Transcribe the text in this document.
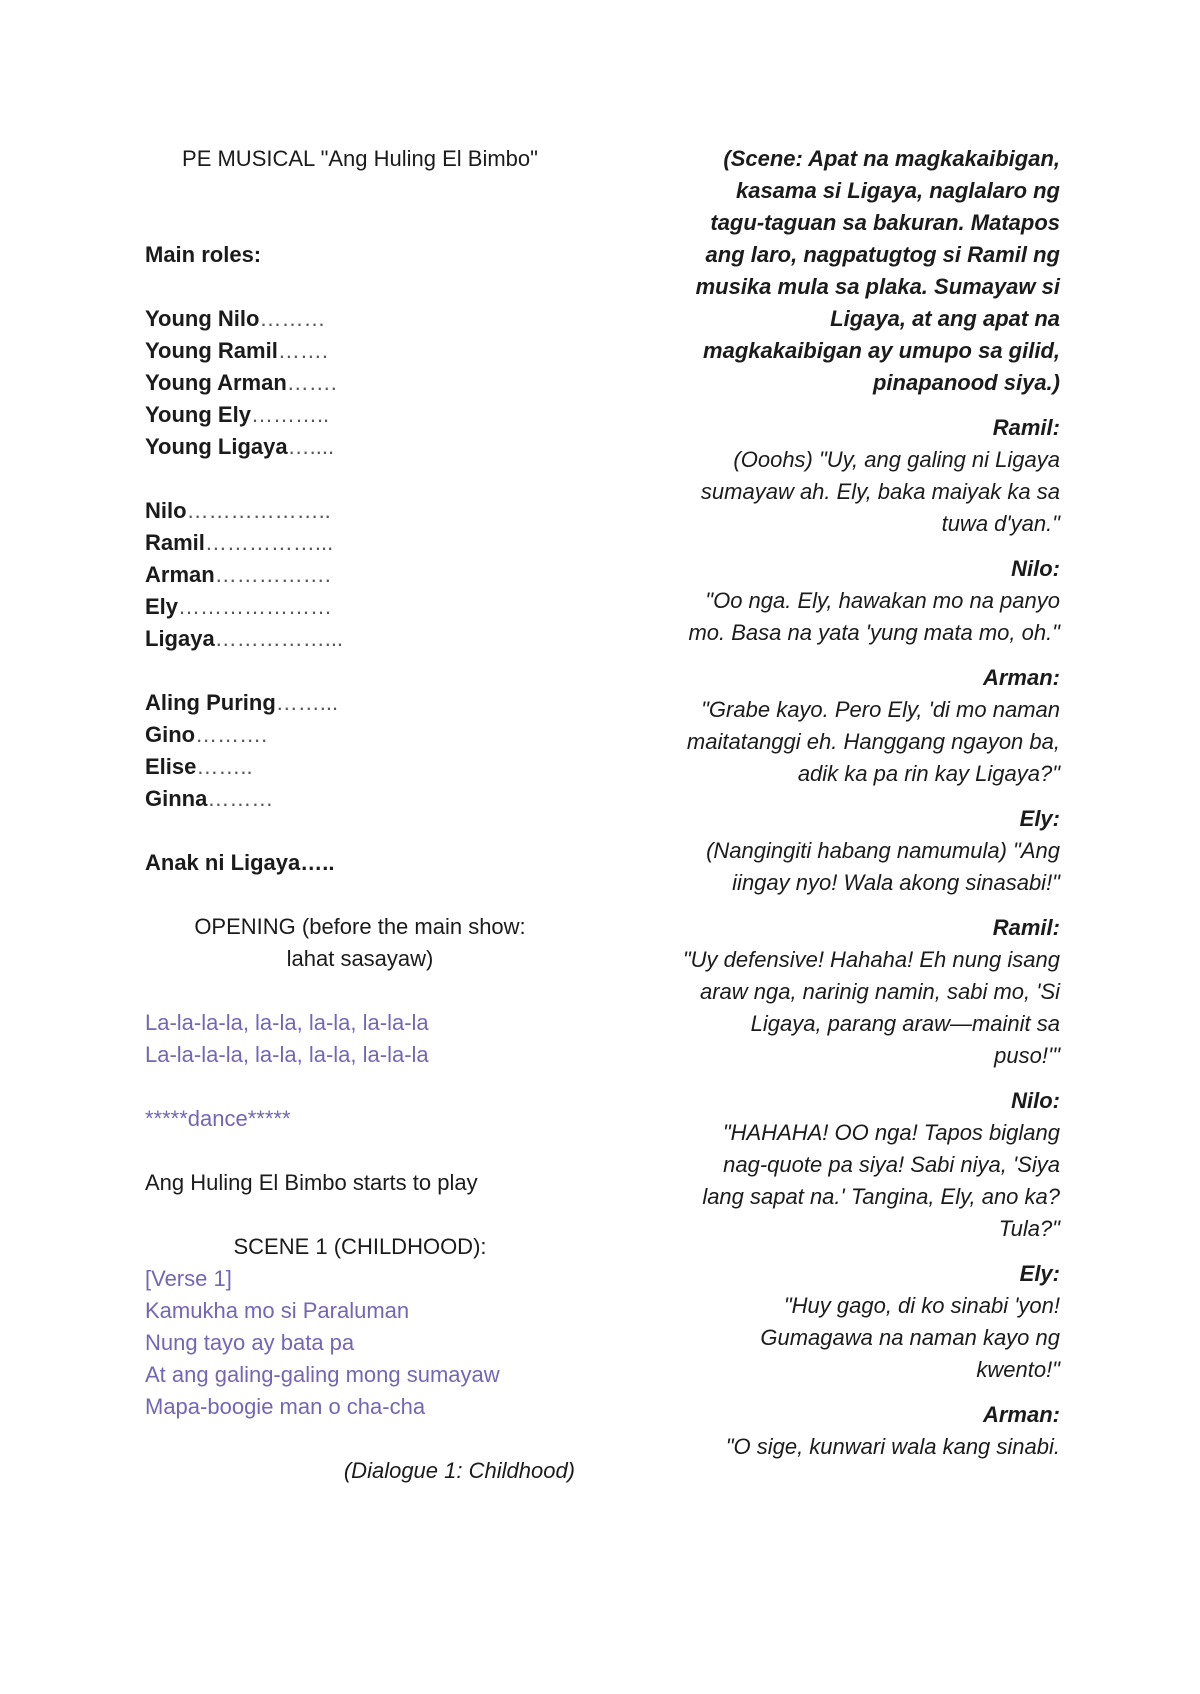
PE MUSICAL "Ang Huling El Bimbo"
Main roles:
Young Nilo………
Young Ramil…….
Young Arman…….
Young Ely………..
Young Ligaya…....
Nilo………………..
Ramil……………...
Arman…………….
Ely…………………
Ligaya……………...
Aling Puring……...
Gino……….
Elise……..
Ginna………
Anak ni Ligaya…..
OPENING (before the main show:
lahat sasayaw)
La-la-la-la, la-la, la-la, la-la-la
La-la-la-la, la-la, la-la, la-la-la
*****dance*****
Ang Huling El Bimbo starts to play
SCENE 1 (CHILDHOOD):
[Verse 1]
Kamukha mo si Paraluman
Nung tayo ay bata pa
At ang galing-galing mong sumayaw
Mapa-boogie man o cha-cha
(Dialogue 1: Childhood)
(Scene: Apat na magkakaibigan,
kasama si Ligaya, naglalaro ng
tagu-taguan sa bakuran. Matapos
ang laro, nagpatugtog si Ramil ng
musika mula sa plaka. Sumayaw si
Ligaya, at ang apat na
magkakaibigan ay umupo sa gilid,
pinapanood siya.)
Ramil:
(Ooohs) "Uy, ang galing ni Ligaya
sumayaw ah. Ely, baka maiyak ka sa
tuwa d'yan."
Nilo:
"Oo nga. Ely, hawakan mo na panyo
mo. Basa na yata 'yung mata mo, oh."
Arman:
"Grabe kayo. Pero Ely, 'di mo naman
maitatanggi eh. Hanggang ngayon ba,
adik ka pa rin kay Ligaya?"
Ely:
(Nangingiti habang namumula) "Ang
iingay nyo! Wala akong sinasabi!"
Ramil:
"Uy defensive! Hahaha! Eh nung isang
araw nga, narinig namin, sabi mo, 'Si
Ligaya, parang araw—mainit sa
puso!'"
Nilo:
"HAHAHA! OO nga! Tapos biglang
nag-quote pa siya! Sabi niya, 'Siya
lang sapat na.' Tangina, Ely, ano ka?
Tula?"
Ely:
"Huy gago, di ko sinabi 'yon!
Gumagawa na naman kayo ng
kwento!"
Arman:
"O sige, kunwari wala kang sinabi.
